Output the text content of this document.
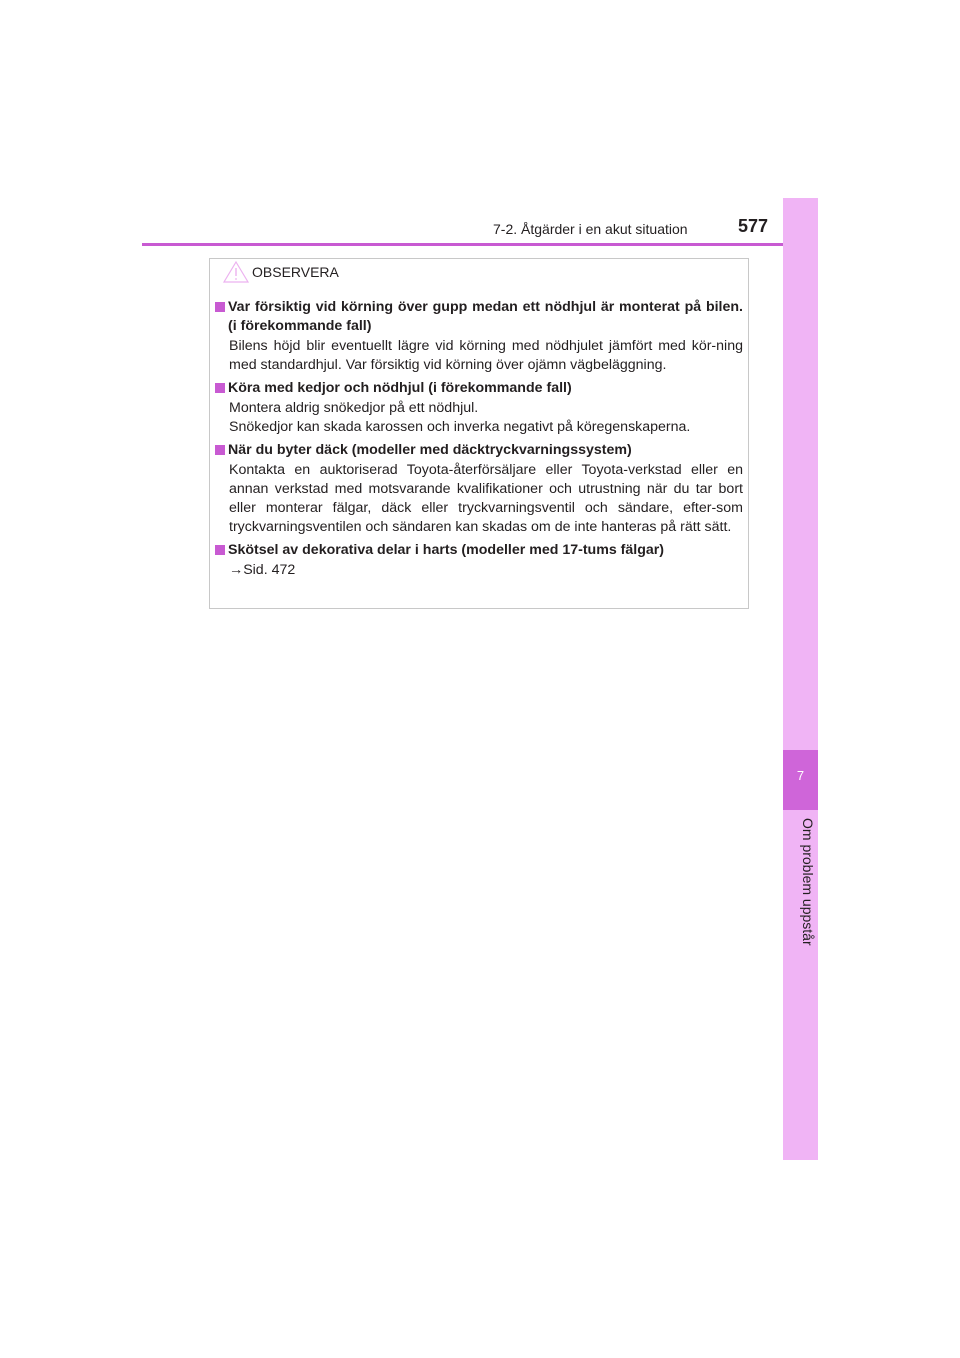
7-2. Åtgärder i en akut situation	577
7
Om problem uppstår
OBSERVERA
Var försiktig vid körning över gupp medan ett nödhjul är monterat på bilen. (i förekommande fall)

Bilens höjd blir eventuellt lägre vid körning med nödhjulet jämfört med kör-ning med standardhjul. Var försiktig vid körning över ojämn vägbeläggning.

Köra med kedjor och nödhjul (i förekommande fall)

Montera aldrig snökedjor på ett nödhjul.

Snökedjor kan skada karossen och inverka negativt på köregenskaperna.

När du byter däck (modeller med däcktryckvarningssystem)

Kontakta en auktoriserad Toyota-återförsäljare eller Toyota-verkstad eller en annan verkstad med motsvarande kvalifikationer och utrustning när du tar bort eller monterar fälgar, däck eller tryckvarningsventil och sändare, efter-som tryckvarningsventilen och sändaren kan skadas om de inte hanteras på rätt sätt.

Skötsel av dekorativa delar i harts (modeller med 17-tums fälgar)

→Sid. 472
